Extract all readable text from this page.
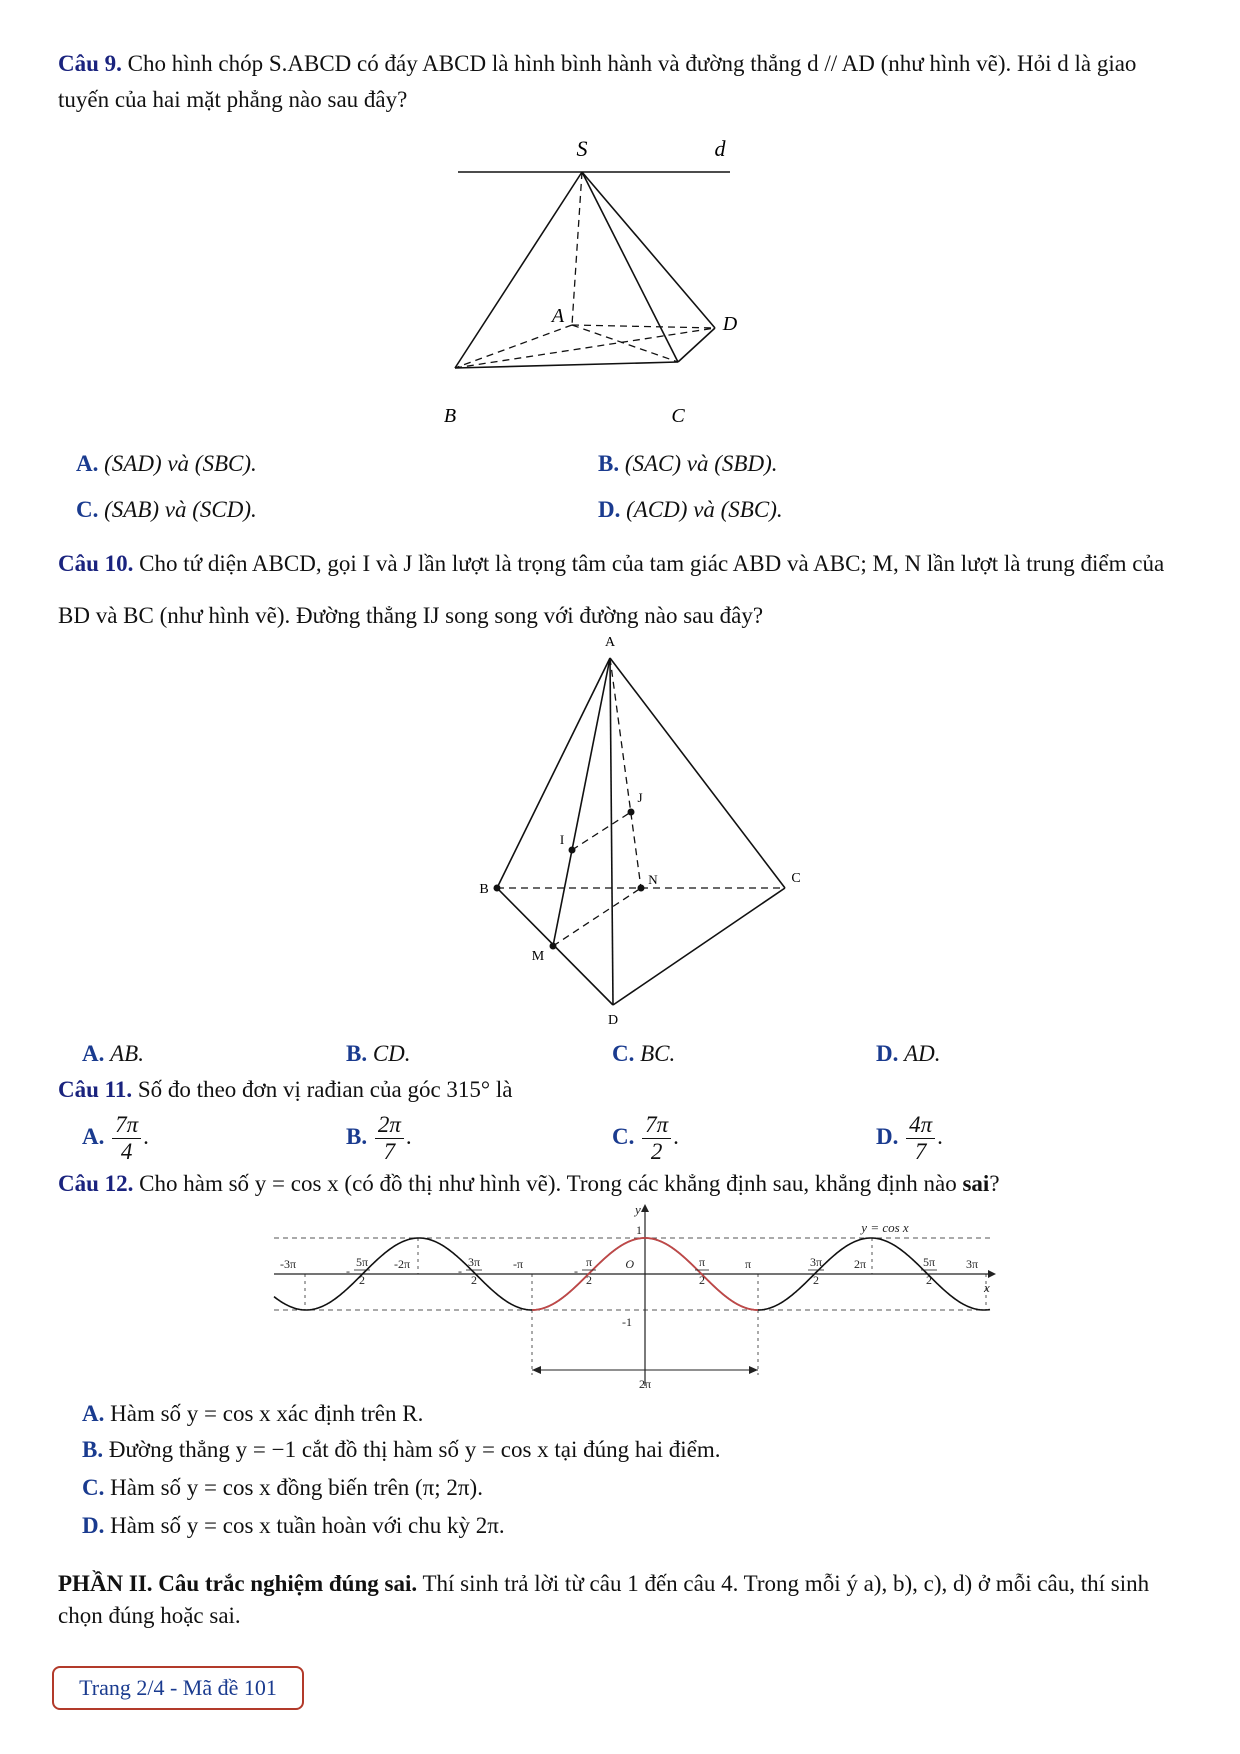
Câu 9. Cho hình chóp S.ABCD có đáy ABCD là hình bình hành và đường thẳng d // AD (như hình vẽ). Hỏi d là giao tuyến của hai mặt phẳng nào sau đây?
S	d
A	D
B	C
A. (SAD) và (SBC).	B. (SAC) và (SBD).
C. (SAB) và (SCD).	D. (ACD) và (SBC).
Câu 10. Cho tứ diện ABCD, gọi I và J lần lượt là trọng tâm của tam giác ABD và ABC; M, N lần lượt là trung điểm của BD và BC (như hình vẽ). Đường thẳng IJ song song với đường nào sau đây?
A
B
C
D
I
J
M
N
A. AB.	B. CD.	C. BC.	D. AD.
Câu 11. Số đo theo đơn vị rađian của góc 315° là
A. $\frac{7\pi}{4}$ .	B. $\frac{2\pi}{7}$ .	C. $\frac{7\pi}{2}$ .	D. $\frac{4\pi}{7}$ .
Câu 12. Cho hàm số y = cos x (có đồ thị như hình vẽ). Trong các khẳng định sau, khẳng định nào sai?
y
x
y = cos x
1
-1
O
-3π	-2π	-π	π	2π	3π
2π
5π
2
-
3π
2
-
π
2
-
π
2
3π
2
5π
2
A. Hàm số y = cos x xác định trên R.
B. Đường thẳng y = −1 cắt đồ thị hàm số y = cos x tại đúng hai điểm.
C. Hàm số y = cos x đồng biến trên (π; 2π).
D. Hàm số y = cos x tuần hoàn với chu kỳ 2π.
PHẦN II. Câu trắc nghiệm đúng sai. Thí sinh trả lời từ câu 1 đến câu 4. Trong mỗi ý a), b), c), d) ở mỗi câu, thí sinh chọn đúng hoặc sai.
Trang 2/4 - Mã đề 101
